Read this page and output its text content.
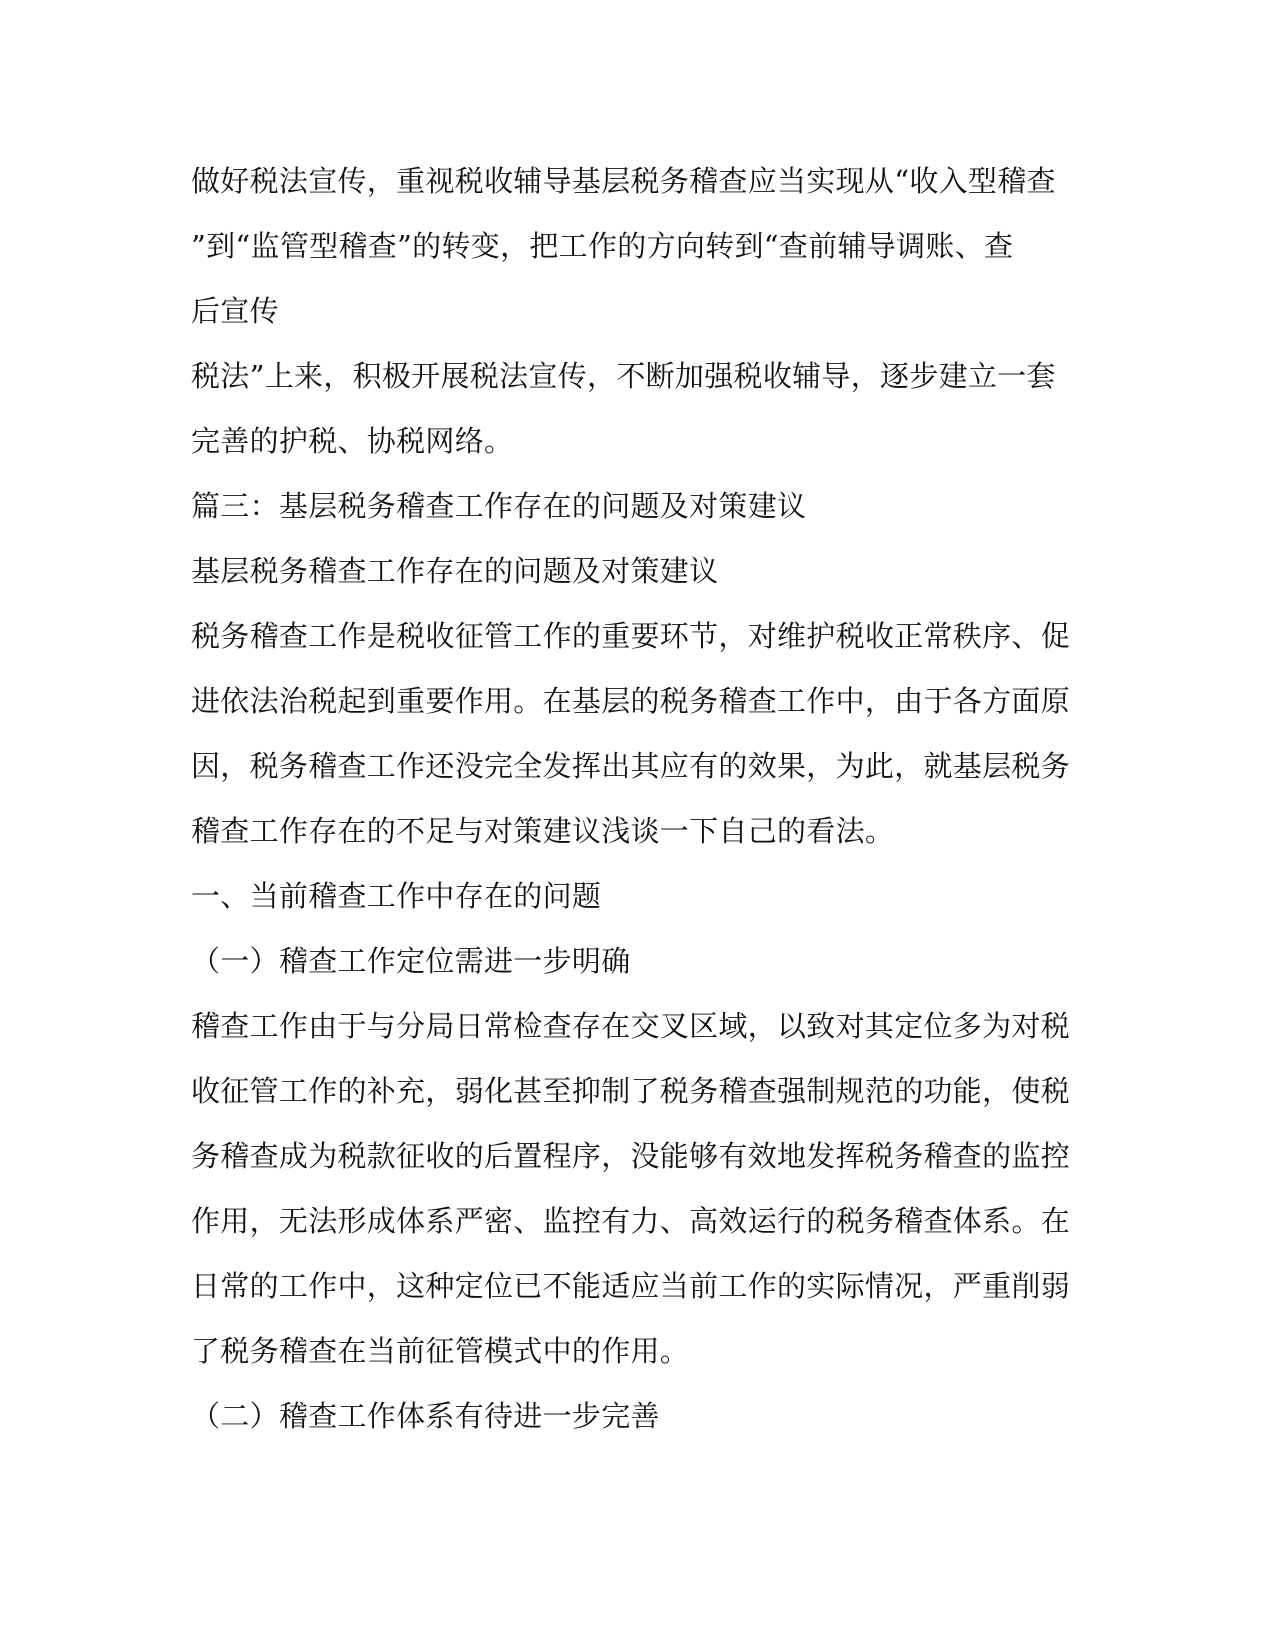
做好税法宣传，重视税收辅导基层税务稽查应当实现从“收入型稽查

”到“监管型稽查”的转变，把工作的方向转到“查前辅导调账、查

后宣传

税法”上来，积极开展税法宣传，不断加强税收辅导，逐步建立一套

完善的护税、协税网络。

篇三：基层税务稽查工作存在的问题及对策建议

基层税务稽查工作存在的问题及对策建议

税务稽查工作是税收征管工作的重要环节，对维护税收正常秩序、促

进依法治税起到重要作用。在基层的税务稽查工作中，由于各方面原

因，税务稽查工作还没完全发挥出其应有的效果，为此，就基层税务

稽查工作存在的不足与对策建议浅谈一下自己的看法。

一、当前稽查工作中存在的问题

（一）稽查工作定位需进一步明确

稽查工作由于与分局日常检查存在交叉区域，以致对其定位多为对税

收征管工作的补充，弱化甚至抑制了税务稽查强制规范的功能，使税

务稽查成为税款征收的后置程序，没能够有效地发挥税务稽查的监控

作用，无法形成体系严密、监控有力、高效运行的税务稽查体系。在

日常的工作中，这种定位已不能适应当前工作的实际情况，严重削弱

了税务稽查在当前征管模式中的作用。

（二）稽查工作体系有待进一步完善
